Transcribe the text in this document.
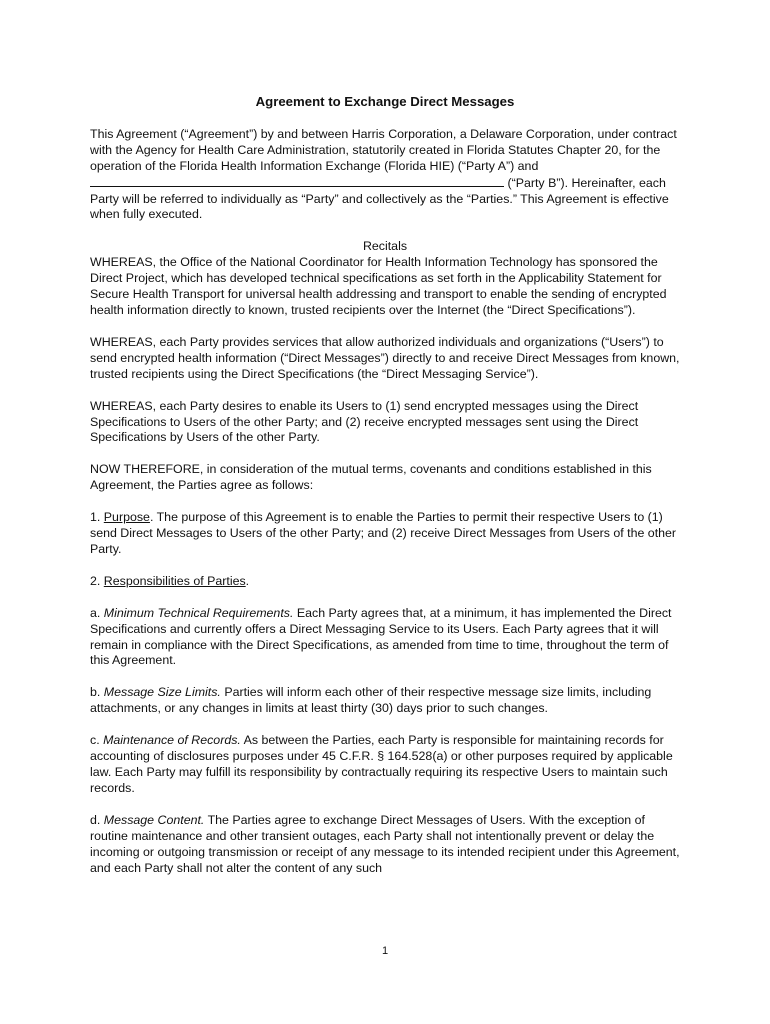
Agreement to Exchange Direct Messages

This Agreement (“Agreement”) by and between Harris Corporation, a Delaware Corporation, under contract with the Agency for Health Care Administration, statutorily created in Florida Statutes Chapter 20, for the operation of the Florida Health Information Exchange (Florida HIE) (“Party A”) and  (“Party B”). Hereinafter, each Party will be referred to individually as “Party” and collectively as the “Parties.” This Agreement is effective when fully executed.

Recitals

WHEREAS, the Office of the National Coordinator for Health Information Technology has sponsored the Direct Project, which has developed technical specifications as set forth in the Applicability Statement for Secure Health Transport for universal health addressing and transport to enable the sending of encrypted health information directly to known, trusted recipients over the Internet (the “Direct Specifications”).

WHEREAS, each Party provides services that allow authorized individuals and organizations (“Users”) to send encrypted health information (“Direct Messages”) directly to and receive Direct Messages from known, trusted recipients using the Direct Specifications (the “Direct Messaging Service”).

WHEREAS, each Party desires to enable its Users to (1) send encrypted messages using the Direct Specifications to Users of the other Party; and (2) receive encrypted messages sent using the Direct Specifications by Users of the other Party.

NOW THEREFORE, in consideration of the mutual terms, covenants and conditions established in this Agreement, the Parties agree as follows:

1. Purpose. The purpose of this Agreement is to enable the Parties to permit their respective Users to (1) send Direct Messages to Users of the other Party; and (2) receive Direct Messages from Users of the other Party.

2. Responsibilities of Parties.

a. Minimum Technical Requirements. Each Party agrees that, at a minimum, it has implemented the Direct Specifications and currently offers a Direct Messaging Service to its Users. Each Party agrees that it will remain in compliance with the Direct Specifications, as amended from time to time, throughout the term of this Agreement.

b. Message Size Limits. Parties will inform each other of their respective message size limits, including attachments, or any changes in limits at least thirty (30) days prior to such changes.

c. Maintenance of Records. As between the Parties, each Party is responsible for maintaining records for accounting of disclosures purposes under 45 C.F.R. § 164.528(a) or other purposes required by applicable law. Each Party may fulfill its responsibility by contractually requiring its respective Users to maintain such records.

d. Message Content. The Parties agree to exchange Direct Messages of Users. With the exception of routine maintenance and other transient outages, each Party shall not intentionally prevent or delay the incoming or outgoing transmission or receipt of any message to its intended recipient under this Agreement, and each Party shall not alter the content of any such

1
